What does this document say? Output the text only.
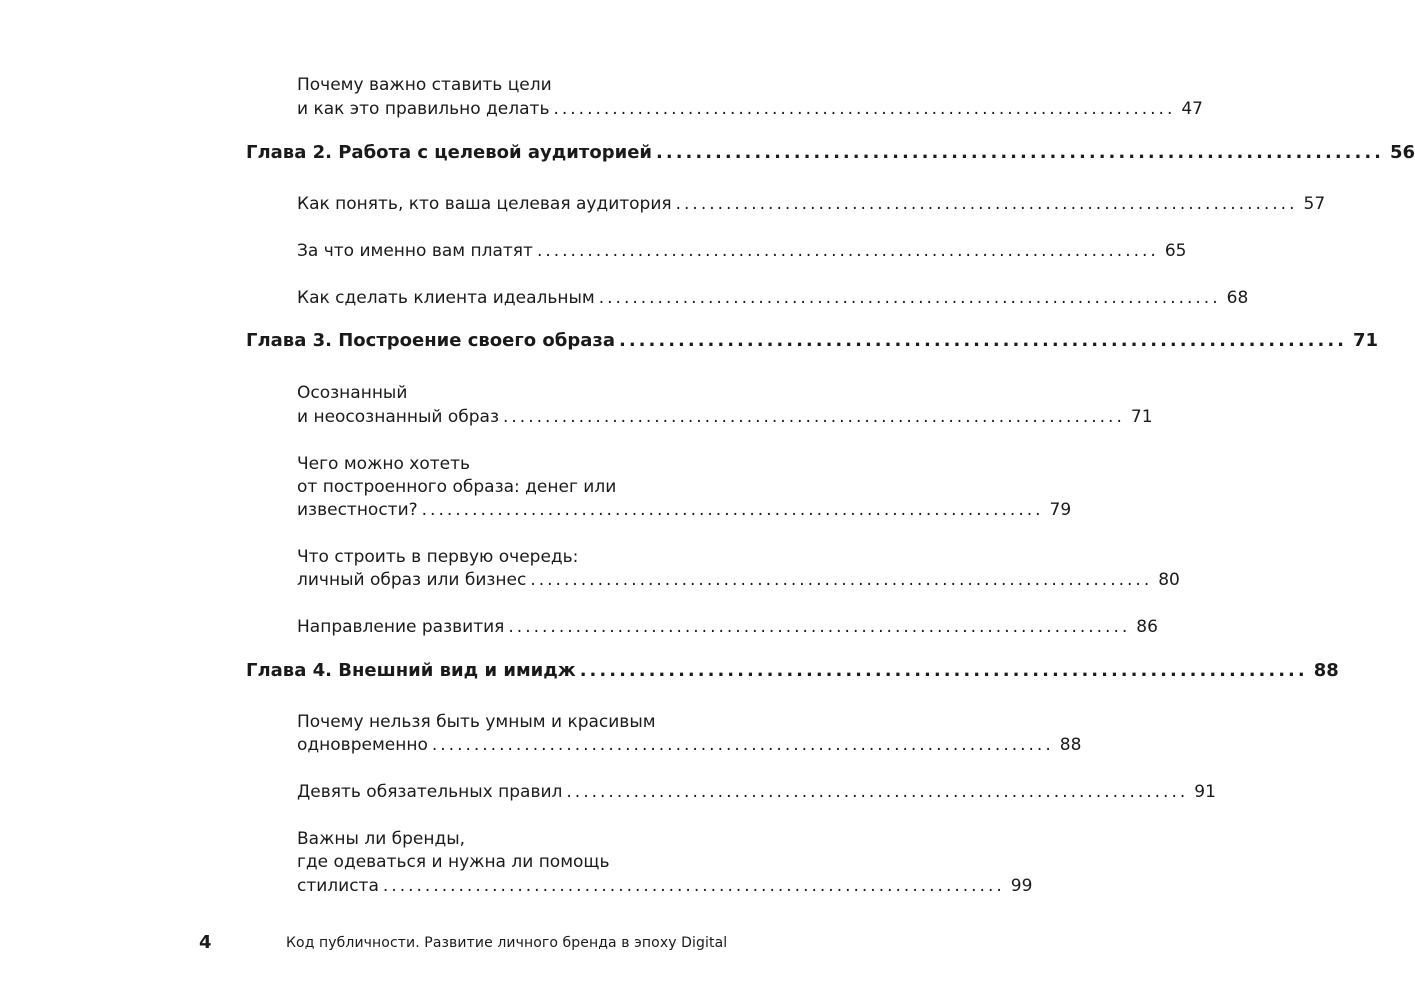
Почему важно ставить цели
и как это правильно делать .......................................................................... 47
Глава 2. Работа с целевой аудиторией .......................................................................... 56
Как понять, кто ваша целевая аудитория .......................................................................... 57
За что именно вам платят .......................................................................... 65
Как сделать клиента идеальным .......................................................................... 68
Глава 3. Построение своего образа .......................................................................... 71
Осознанный
и неосознанный образ .......................................................................... 71
Чего можно хотеть
от построенного образа: денег или
известности? .......................................................................... 79
Что строить в первую очередь:
личный образ или бизнес .......................................................................... 80
Направление развития .......................................................................... 86
Глава 4. Внешний вид и имидж .......................................................................... 88
Почему нельзя быть умным и красивым
одновременно .......................................................................... 88
Девять обязательных правил .......................................................................... 91
Важны ли бренды,
где одеваться и нужна ли помощь
стилиста .......................................................................... 99
4	Код публичности. Развитие личного бренда в эпоху Digital
